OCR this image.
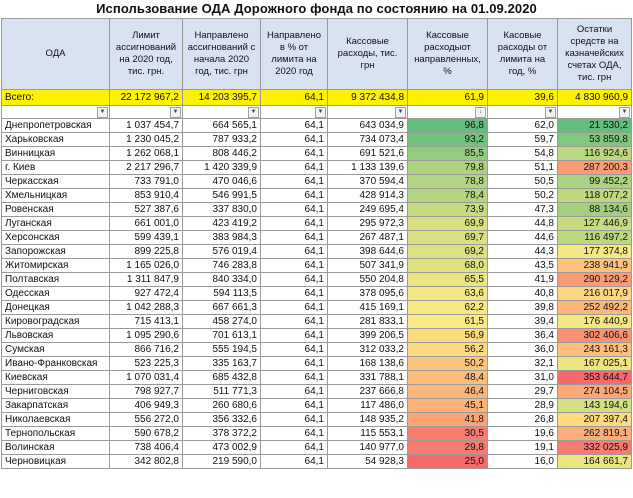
Использование ОДА Дорожного фонда по состоянию на 01.09.2020
ОДА	Лимит ассигнований на 2020 год, тис. грн.	Направлено ассигнований с начала 2020 год, тис. грн	Направлено в % от лимита на 2020 год	Кассовые расходы, тис. грн	Кассовые расходыот направленных, %	Касовые расходы от лимита на год, %	Остатки средств на казначейских счетах ОДА, тис. грн
Всего:	22 172 967,2	14 203 395,7	64,1	9 372 434,8	61,9	39,6	4 830 960,9

▼	▼	▼	▼	▼	↓	▼	▼

Днепропетровская	1 037 454,7	664 565,1	64,1	643 034,9	96,8	62,0	21 530,2
Харьковская	1 230 045,2	787 933,2	64,1	734 073,4	93,2	59,7	53 859,8
Винницкая	1 262 068,1	808 446,2	64,1	691 521,6	85,5	54,8	116 924,6
г. Киев	2 217 296,7	1 420 339,9	64,1	1 133 139,6	79,8	51,1	287 200,3
Черкасская	733 791,0	470 046,6	64,1	370 594,4	78,8	50,5	99 452,2
Хмельницкая	853 910,4	546 991,5	64,1	428 914,3	78,4	50,2	118 077,2
Ровенская	527 387,6	337 830,0	64,1	249 695,4	73,9	47,3	88 134,6
Луганская	661 001,0	423 419,2	64,1	295 972,3	69,9	44,8	127 446,9
Херсонская	599 439,1	383 984,3	64,1	267 487,1	69,7	44,6	116 497,2
Запорожская	899 225,8	576 019,4	64,1	398 644,6	69,2	44,3	177 374,8
Житомирская	1 165 026,0	746 283,8	64,1	507 341,9	68,0	43,5	238 941,9
Полтавская	1 311 847,9	840 334,0	64,1	550 204,8	65,5	41,9	290 129,2
Одесская	927 472,4	594 113,5	64,1	378 095,6	63,6	40,8	216 017,9
Донецкая	1 042 288,3	667 661,3	64,1	415 169,1	62,2	39,8	252 492,2
Кировоградская	715 413,1	458 274,0	64,1	281 833,1	61,5	39,4	176 440,9
Львовская	1 095 290,6	701 613,1	64,1	399 206,5	56,9	36,4	302 406,6
Сумская	866 716,2	555 194,5	64,1	312 033,2	56,2	36,0	243 161,3
Ивано-Франковская	523 225,3	335 163,7	64,1	168 138,6	50,2	32,1	167 025,1
Киевская	1 070 031,4	685 432,8	64,1	331 788,1	48,4	31,0	353 644,7
Черниговская	798 927,7	511 771,3	64,1	237 666,8	46,4	29,7	274 104,5
Закарпатская	406 949,3	260 680,6	64,1	117 486,0	45,1	28,9	143 194,6
Николаевская	556 272,0	356 332,6	64,1	148 935,2	41,8	26,8	207 397,4
Тернопольская	590 678,2	378 372,2	64,1	115 553,1	30,5	19,6	262 819,1
Волинская	738 406,4	473 002,9	64,1	140 977,0	29,8	19,1	332 025,9
Черновицкая	342 802,8	219 590,0	64,1	54 928,3	25,0	16,0	164 661,7
